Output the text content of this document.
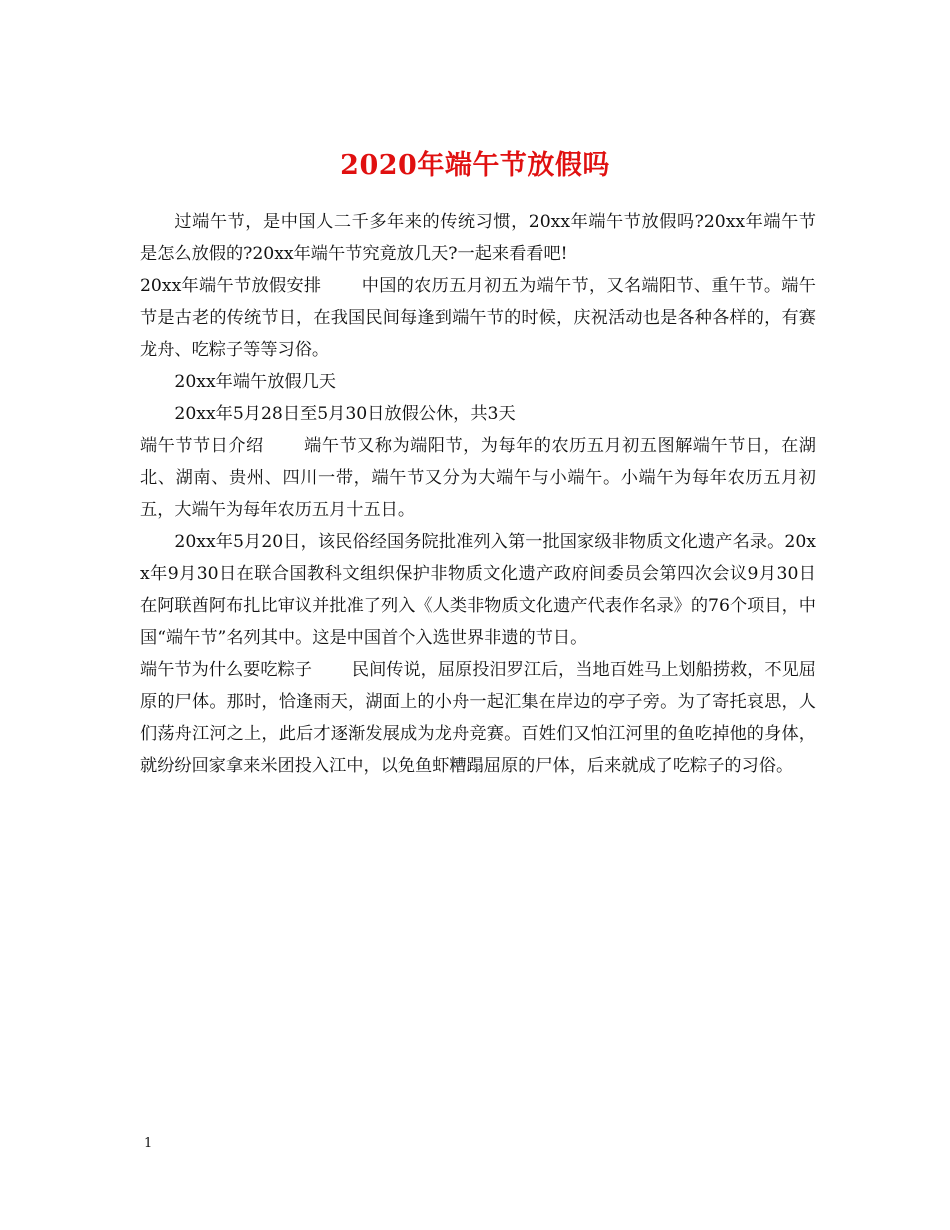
2020年端午节放假吗

过端午节，是中国人二千多年来的传统习惯，20xx年端午节放假吗?20xx年端午节是怎么放假的?20xx年端午节究竟放几天?一起来看看吧!

20xx年端午节放假安排 中国的农历五月初五为端午节，又名端阳节、重午节。端午节是古老的传统节日，在我国民间每逢到端午节的时候，庆祝活动也是各种各样的，有赛龙舟、吃粽子等等习俗。

20xx年端午放假几天

20xx年5月28日至5月30日放假公休，共3天

端午节节日介绍 端午节又称为端阳节，为每年的农历五月初五图解端午节日，在湖北、湖南、贵州、四川一带，端午节又分为大端午与小端午。小端午为每年农历五月初五，大端午为每年农历五月十五日。

20xx年5月20日，该民俗经国务院批准列入第一批国家级非物质文化遗产名录。20xx年9月30日在联合国教科文组织保护非物质文化遗产政府间委员会第四次会议9月30日在阿联酋阿布扎比审议并批准了列入《人类非物质文化遗产代表作名录》的76个项目，中国“端午节”名列其中。这是中国首个入选世界非遗的节日。

端午节为什么要吃粽子 民间传说，屈原投汨罗江后，当地百姓马上划船捞救，不见屈原的尸体。那时，恰逢雨天，湖面上的小舟一起汇集在岸边的亭子旁。为了寄托哀思，人们荡舟江河之上，此后才逐渐发展成为龙舟竞赛。百姓们又怕江河里的鱼吃掉他的身体，就纷纷回家拿来米团投入江中，以免鱼虾糟蹋屈原的尸体，后来就成了吃粽子的习俗。

1
